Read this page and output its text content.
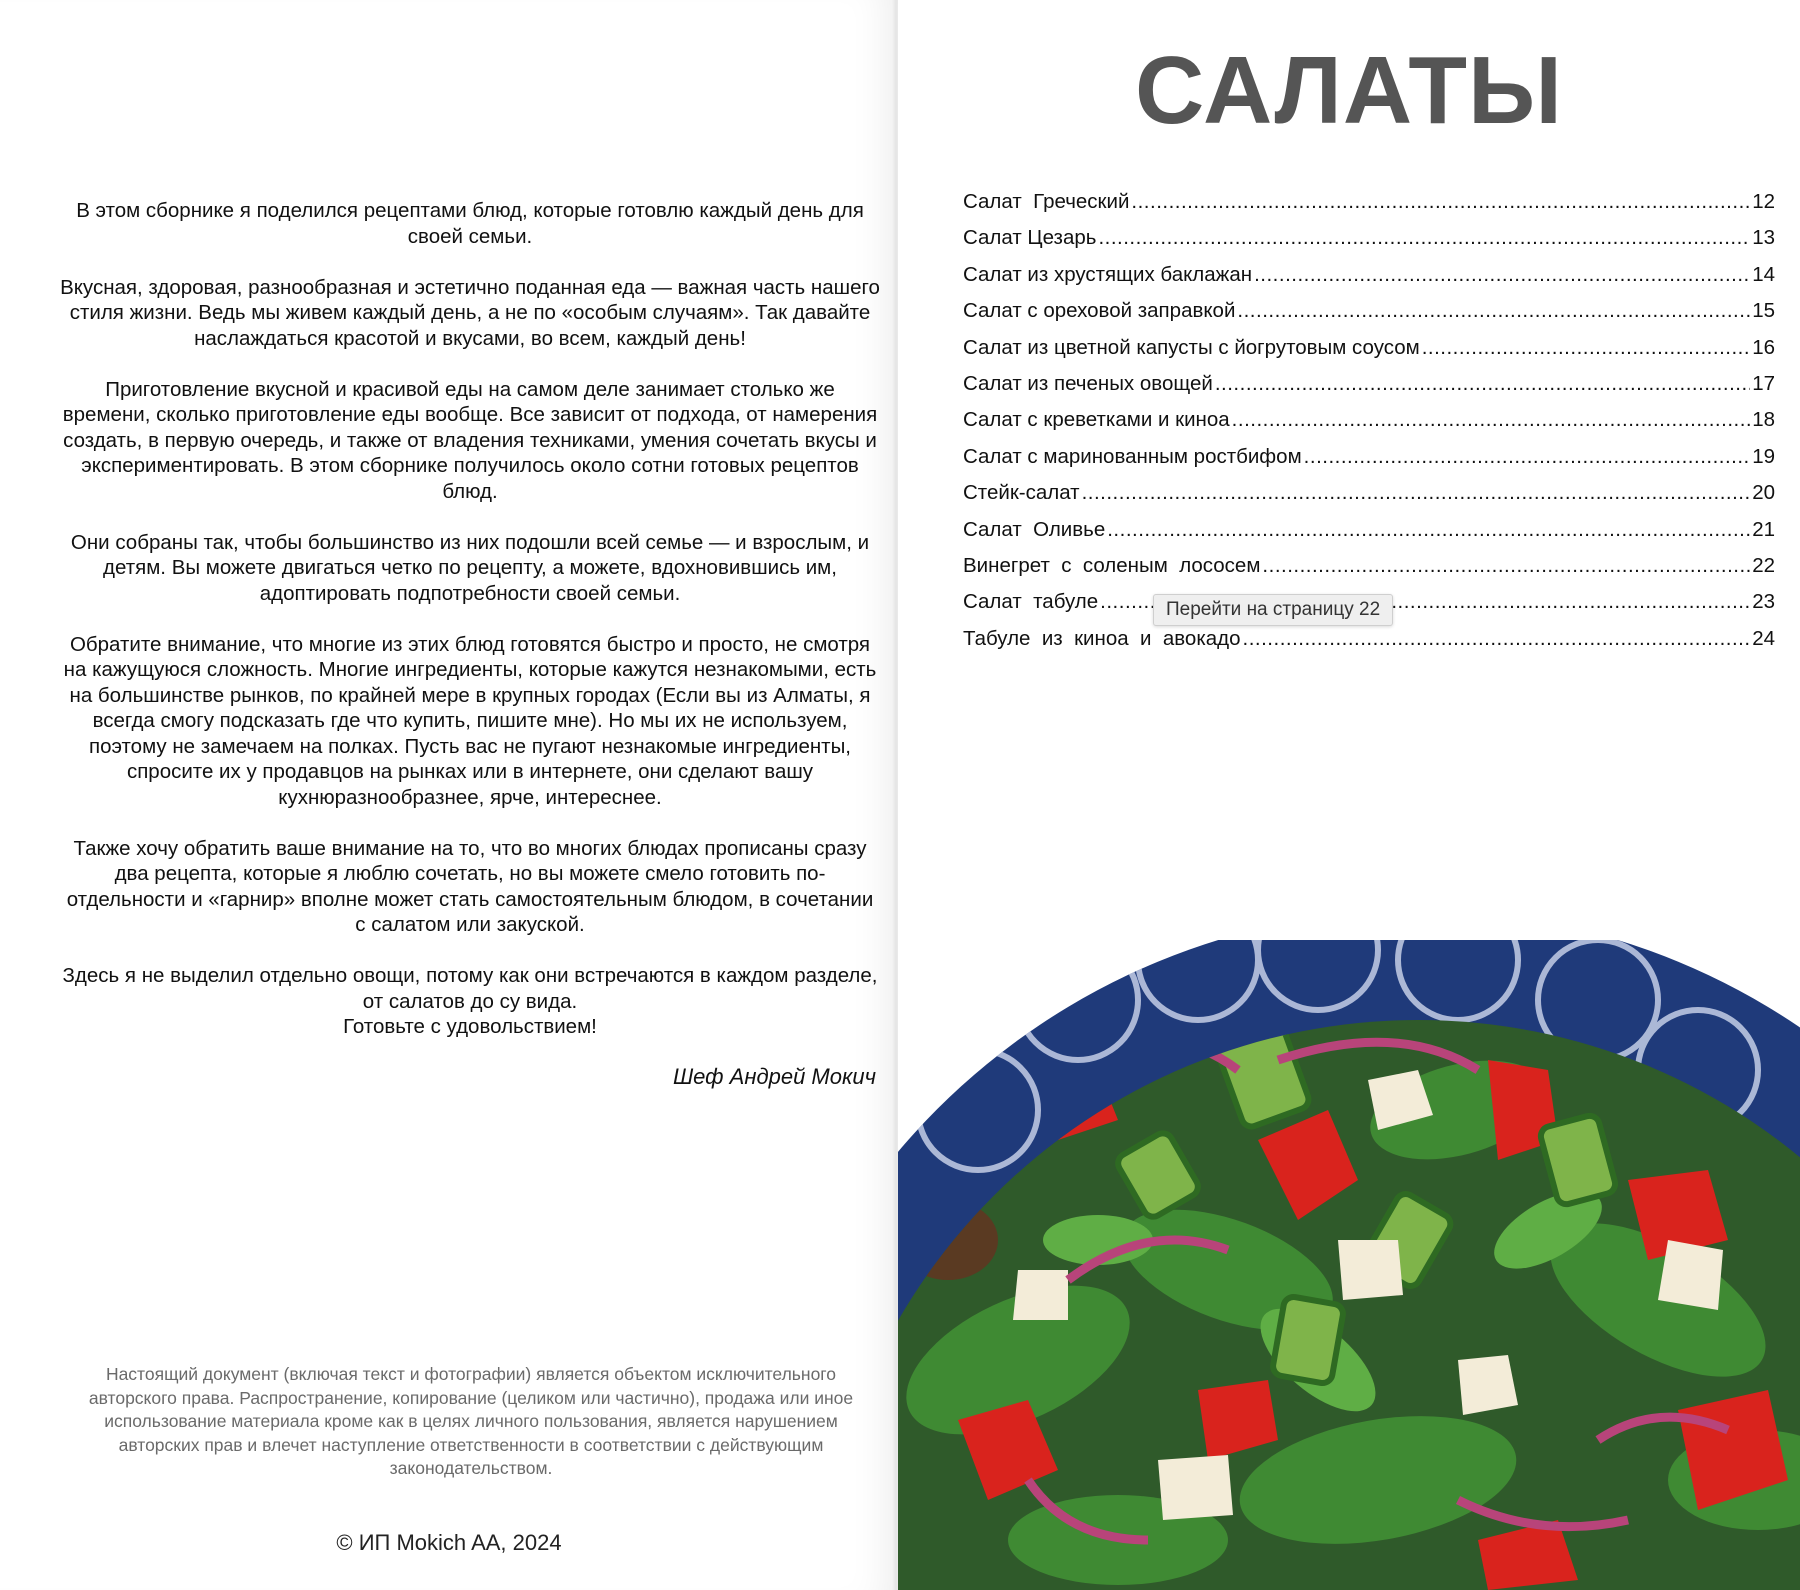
В этом сборнике я поделился рецептами блюд, которые готовлю каждый день для своей семьи.

Вкусная, здоровая, разнообразная и эстетично поданная еда — важная часть нашего стиля жизни. Ведь мы живем каждый день, а не по «особым случаям». Так давайте наслаждаться красотой и вкусами, во всем, каждый день!

Приготовление вкусной и красивой еды на самом деле занимает столько же времени, сколько приготовление еды вообще. Все зависит от подхода, от намерения создать, в первую очередь, и также от владения техниками, умения сочетать вкусы и экспериментировать. В этом сборнике получилось около сотни готовых рецептов блюд.

Они собраны так, чтобы большинство из них подошли всей семье — и взрослым, и детям. Вы можете двигаться четко по рецепту, а можете, вдохновившись им, адоптировать подпотребности своей семьи.

Обратите внимание, что многие из этих блюд готовятся быстро и просто, не смотря на кажущуюся сложность. Многие ингредиенты, которые кажутся незнакомыми, есть на большинстве рынков, по крайней мере в крупных городах (Если вы из Алматы, я всегда смогу подсказать где что купить, пишите мне). Но мы их не используем, поэтому не замечаем на полках. Пусть вас не пугают незнакомые ингредиенты, спросите их у продавцов на рынках или в интернете, они сделают вашу кухнюразнообразнее, ярче, интереснее.

Также хочу обратить ваше внимание на то, что во многих блюдах прописаны сразу два рецепта, которые я люблю сочетать, но вы можете смело готовить по-отдельности и «гарнир» вполне может стать самостоятельным блюдом, в сочетании с салатом или закуской.

Здесь я не выделил отдельно овощи, потому как они встречаются в каждом разделе, от салатов до су вида.

Готовьте с удовольствием!

Шеф Андрей Мокич
Настоящий документ (включая текст и фотографии) является объектом исключительного авторского права. Распространение, копирование (целиком или частично), продажа или иное использование материала кроме как в целях личного пользования, является нарушением авторских прав и влечет наступление ответственности в соответствии с действующим законодательством.
© ИП Mokich AA, 2024
САЛАТЫ
Салат  Греческий .....	12
Салат Цезарь .....	13
Салат из хрустящих баклажан .....	14
Салат с ореховой заправкой .....	15
Салат из цветной капусты с йогрутовым соусом .....	16
Салат из печеных овощей .....	17
Салат с креветками и киноа .....	18
Салат с маринованным ростбифом .....	19
Стейк-салат .....	20
Салат  Оливье .....	21
Винегрет  с  соленым  лососем .....	22
Салат  табуле .....	23
Табуле  из  киноа  и  авокадо .....	24
Перейти на страницу 22
